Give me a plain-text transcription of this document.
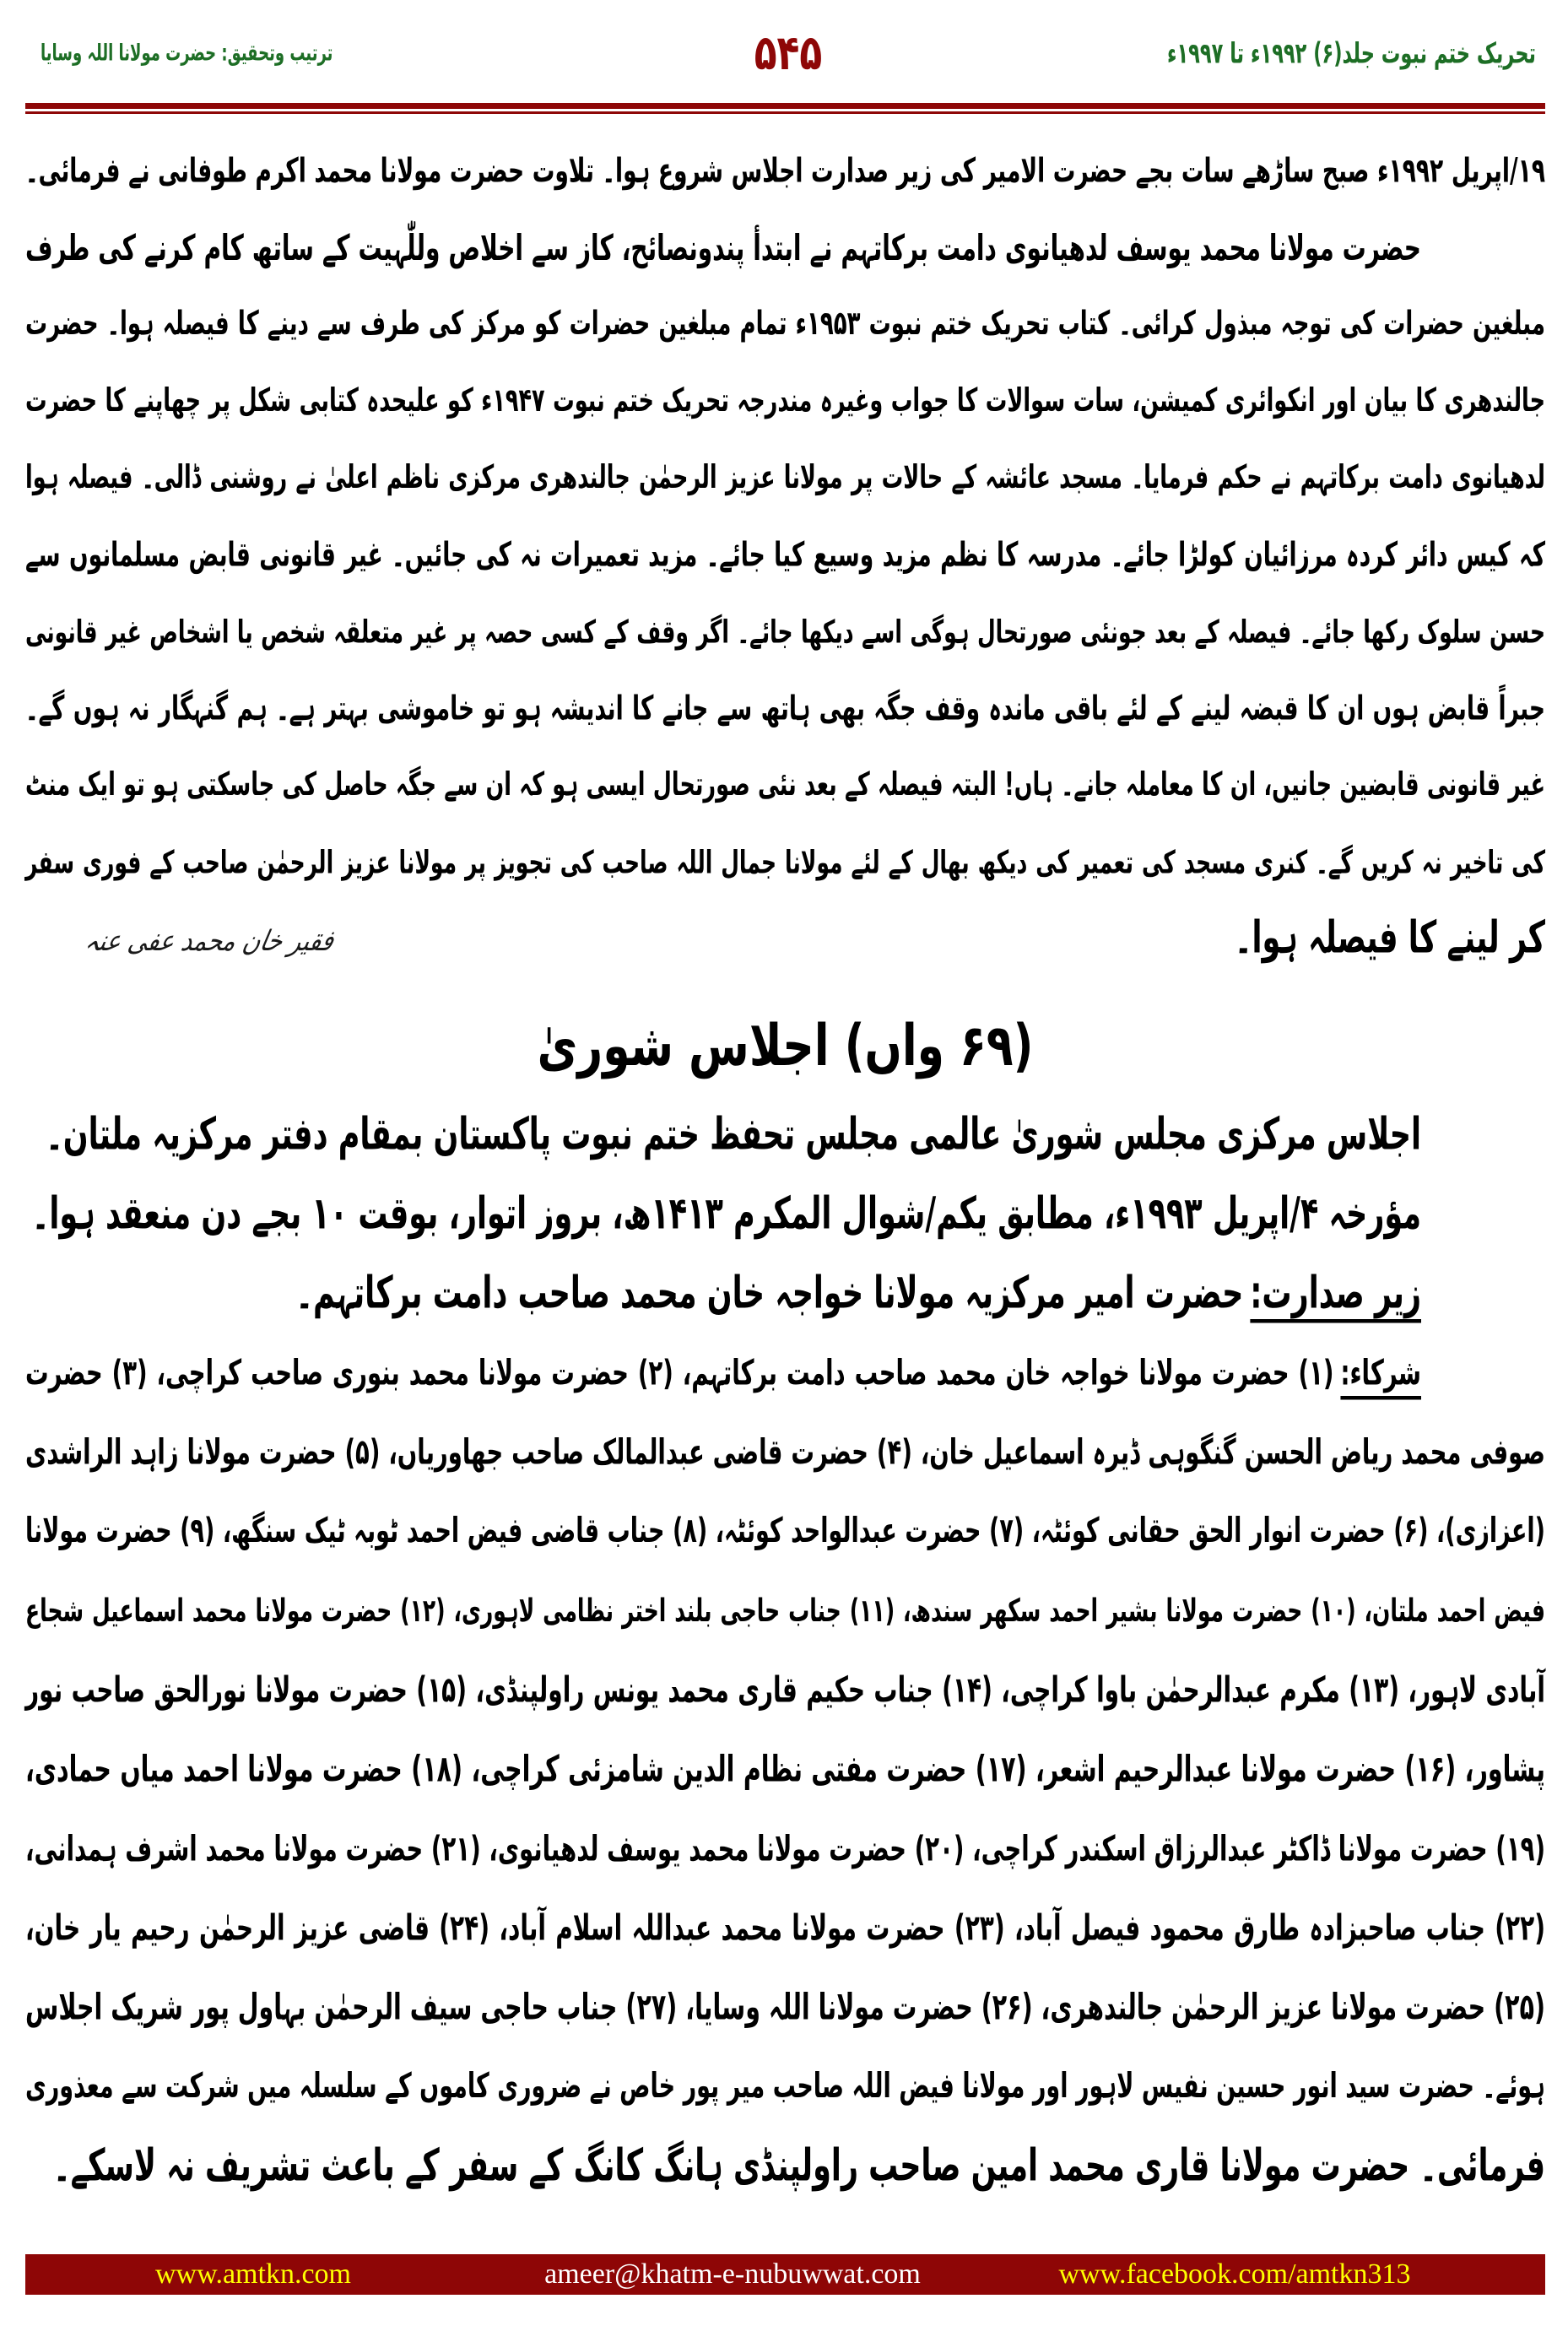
تحریک ختم نبوت جلد(۶) ۱۹۹۲ء تا ۱۹۹۷ء
۵۴۵
ترتیب وتحقیق: حضرت مولانا اللہ وسایا
۱۹/اپریل ۱۹۹۲ء صبح ساڑھے سات بجے حضرت الامیر کی زیر صدارت اجلاس شروع ہوا۔ تلاوت حضرت مولانا محمد اکرم طوفانی نے فرمائی۔
حضرت مولانا محمد یوسف لدھیانوی دامت برکاتہم نے ابتدأ پندونصائح، کاز سے اخلاص وللّٰہیت کے ساتھ کام کرنے کی طرف
مبلغین حضرات کی توجہ مبذول کرائی۔ کتاب تحریک ختم نبوت ۱۹۵۳ء تمام مبلغین حضرات کو مرکز کی طرف سے دینے کا فیصلہ ہوا۔ حضرت
جالندھری کا بیان اور انکوائری کمیشن، سات سوالات کا جواب وغیرہ مندرجہ تحریک ختم نبوت ۱۹۴۷ء کو علیحدہ کتابی شکل پر چھاپنے کا حضرت
لدھیانوی دامت برکاتہم نے حکم فرمایا۔ مسجد عائشہ کے حالات پر مولانا عزیز الرحمٰن جالندھری مرکزی ناظم اعلیٰ نے روشنی ڈالی۔ فیصلہ ہوا
کہ کیس دائر کردہ مرزائیان کولڑا جائے۔ مدرسہ کا نظم مزید وسیع کیا جائے۔ مزید تعمیرات نہ کی جائیں۔ غیر قانونی قابض مسلمانوں سے
حسن سلوک رکھا جائے۔ فیصلہ کے بعد جونئی صورتحال ہوگی اسے دیکھا جائے۔ اگر وقف کے کسی حصہ پر غیر متعلقہ شخص یا اشخاص غیر قانونی
جبراً قابض ہوں ان کا قبضہ لینے کے لئے باقی ماندہ وقف جگہ بھی ہاتھ سے جانے کا اندیشہ ہو تو خاموشی بہتر ہے۔ ہم گنہگار نہ ہوں گے۔
غیر قانونی قابضین جانیں، ان کا معاملہ جانے۔ ہاں! البتہ فیصلہ کے بعد نئی صورتحال ایسی ہو کہ ان سے جگہ حاصل کی جاسکتی ہو تو ایک منٹ
کی تاخیر نہ کریں گے۔ کنری مسجد کی تعمیر کی دیکھ بھال کے لئے مولانا جمال اللہ صاحب کی تجویز پر مولانا عزیز الرحمٰن صاحب کے فوری سفر
کر لینے کا فیصلہ ہوا۔
فقیر خان محمد عفی عنہ
(۶۹ واں) اجلاس شوریٰ
اجلاس مرکزی مجلس شوریٰ عالمی مجلس تحفظ ختم نبوت پاکستان بمقام دفتر مرکزیہ ملتان۔
مؤرخہ ۴/اپریل ۱۹۹۳ء، مطابق یکم/شوال المکرم ۱۴۱۳ھ، بروز اتوار، بوقت ۱۰ بجے دن منعقد ہوا۔
زیر صدارت:حضرت امیر مرکزیہ مولانا خواجہ خان محمد صاحب دامت برکاتہم۔
شرکاء:(۱) حضرت مولانا خواجہ خان محمد صاحب دامت برکاتہم، (۲) حضرت مولانا محمد بنوری صاحب کراچی، (۳) حضرت
صوفی محمد ریاض الحسن گنگوہی ڈیرہ اسماعیل خان، (۴) حضرت قاضی عبدالمالک صاحب جھاوریاں، (۵) حضرت مولانا زاہد الراشدی
(اعزازی)، (۶) حضرت انوار الحق حقانی کوئٹہ، (۷) حضرت عبدالواحد کوئٹہ، (۸) جناب قاضی فیض احمد ٹوبہ ٹیک سنگھ، (۹) حضرت مولانا
فیض احمد ملتان، (۱۰) حضرت مولانا بشیر احمد سکھر سندھ، (۱۱) جناب حاجی بلند اختر نظامی لاہوری، (۱۲) حضرت مولانا محمد اسماعیل شجاع
آبادی لاہور، (۱۳) مکرم عبدالرحمٰن باوا کراچی، (۱۴) جناب حکیم قاری محمد یونس راولپنڈی، (۱۵) حضرت مولانا نورالحق صاحب نور
پشاور، (۱۶) حضرت مولانا عبدالرحیم اشعر، (۱۷) حضرت مفتی نظام الدین شامزئی کراچی، (۱۸) حضرت مولانا احمد میاں حمادی،
(۱۹) حضرت مولانا ڈاکٹر عبدالرزاق اسکندر کراچی، (۲۰) حضرت مولانا محمد یوسف لدھیانوی، (۲۱) حضرت مولانا محمد اشرف ہمدانی،
(۲۲) جناب صاحبزادہ طارق محمود فیصل آباد، (۲۳) حضرت مولانا محمد عبداللہ اسلام آباد، (۲۴) قاضی عزیز الرحمٰن رحیم یار خان،
(۲۵) حضرت مولانا عزیز الرحمٰن جالندھری، (۲۶) حضرت مولانا اللہ وسایا، (۲۷) جناب حاجی سیف الرحمٰن بہاول پور شریک اجلاس
ہوئے۔ حضرت سید انور حسین نفیس لاہور اور مولانا فیض اللہ صاحب میر پور خاص نے ضروری کاموں کے سلسلہ میں شرکت سے معذوری
فرمائی۔ حضرت مولانا قاری محمد امین صاحب راولپنڈی ہانگ کانگ کے سفر کے باعث تشریف نہ لاسکے۔
www.amtkn.com	ameer@khatm-e-nubuwwat.com	www.facebook.com/amtkn313
